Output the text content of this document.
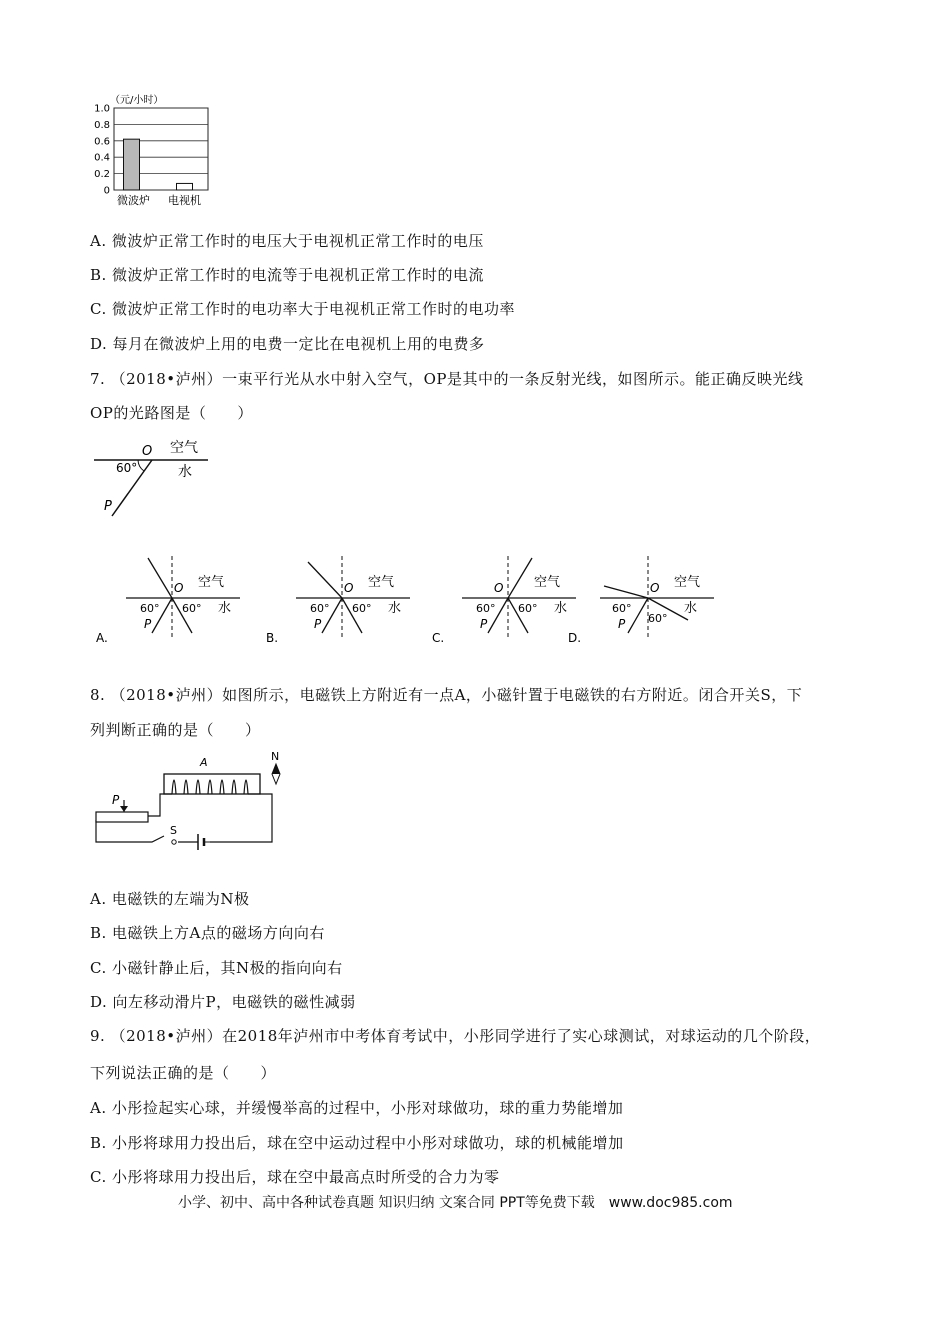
（元/小时）
1.0
0.8
0.6
0.4
0.2
0
微波炉 电视机
A. 微波炉正常工作时的电压大于电视机正常工作时的电压
B. 微波炉正常工作时的电流等于电视机正常工作时的电流
C. 微波炉正常工作时的电功率大于电视机正常工作时的电功率
D. 每月在微波炉上用的电费一定比在电视机上用的电费多
7. （2018•泸州）一束平行光从水中射入空气，OP是其中的一条反射光线，如图所示。能正确反映光线
OP的光路图是（　　）
O 空气
水
60°
P
O 空气
60° 60° 水
P
A.
O 空气
60° 60° 水
P
B.
O 空气
60° 60° 水
P
C.
O 空气
60°
60°
水
P
D.
8. （2018•泸州）如图所示，电磁铁上方附近有一点A，小磁针置于电磁铁的右方附近。闭合开关S，下
列判断正确的是（　　）
A	N
P
S
A. 电磁铁的左端为N极
B. 电磁铁上方A点的磁场方向向右
C. 小磁针静止后，其N极的指向向右
D. 向左移动滑片P，电磁铁的磁性减弱
9. （2018•泸州）在2018年泸州市中考体育考试中，小彤同学进行了实心球测试，对球运动的几个阶段，
下列说法正确的是（　　）
A. 小彤捡起实心球，并缓慢举高的过程中，小彤对球做功，球的重力势能增加
B. 小彤将球用力投出后，球在空中运动过程中小彤对球做功，球的机械能增加
C. 小彤将球用力投出后，球在空中最高点时所受的合力为零
小学、初中、高中各种试卷真题 知识归纳 文案合同 PPT等免费下载　www.doc985.com
